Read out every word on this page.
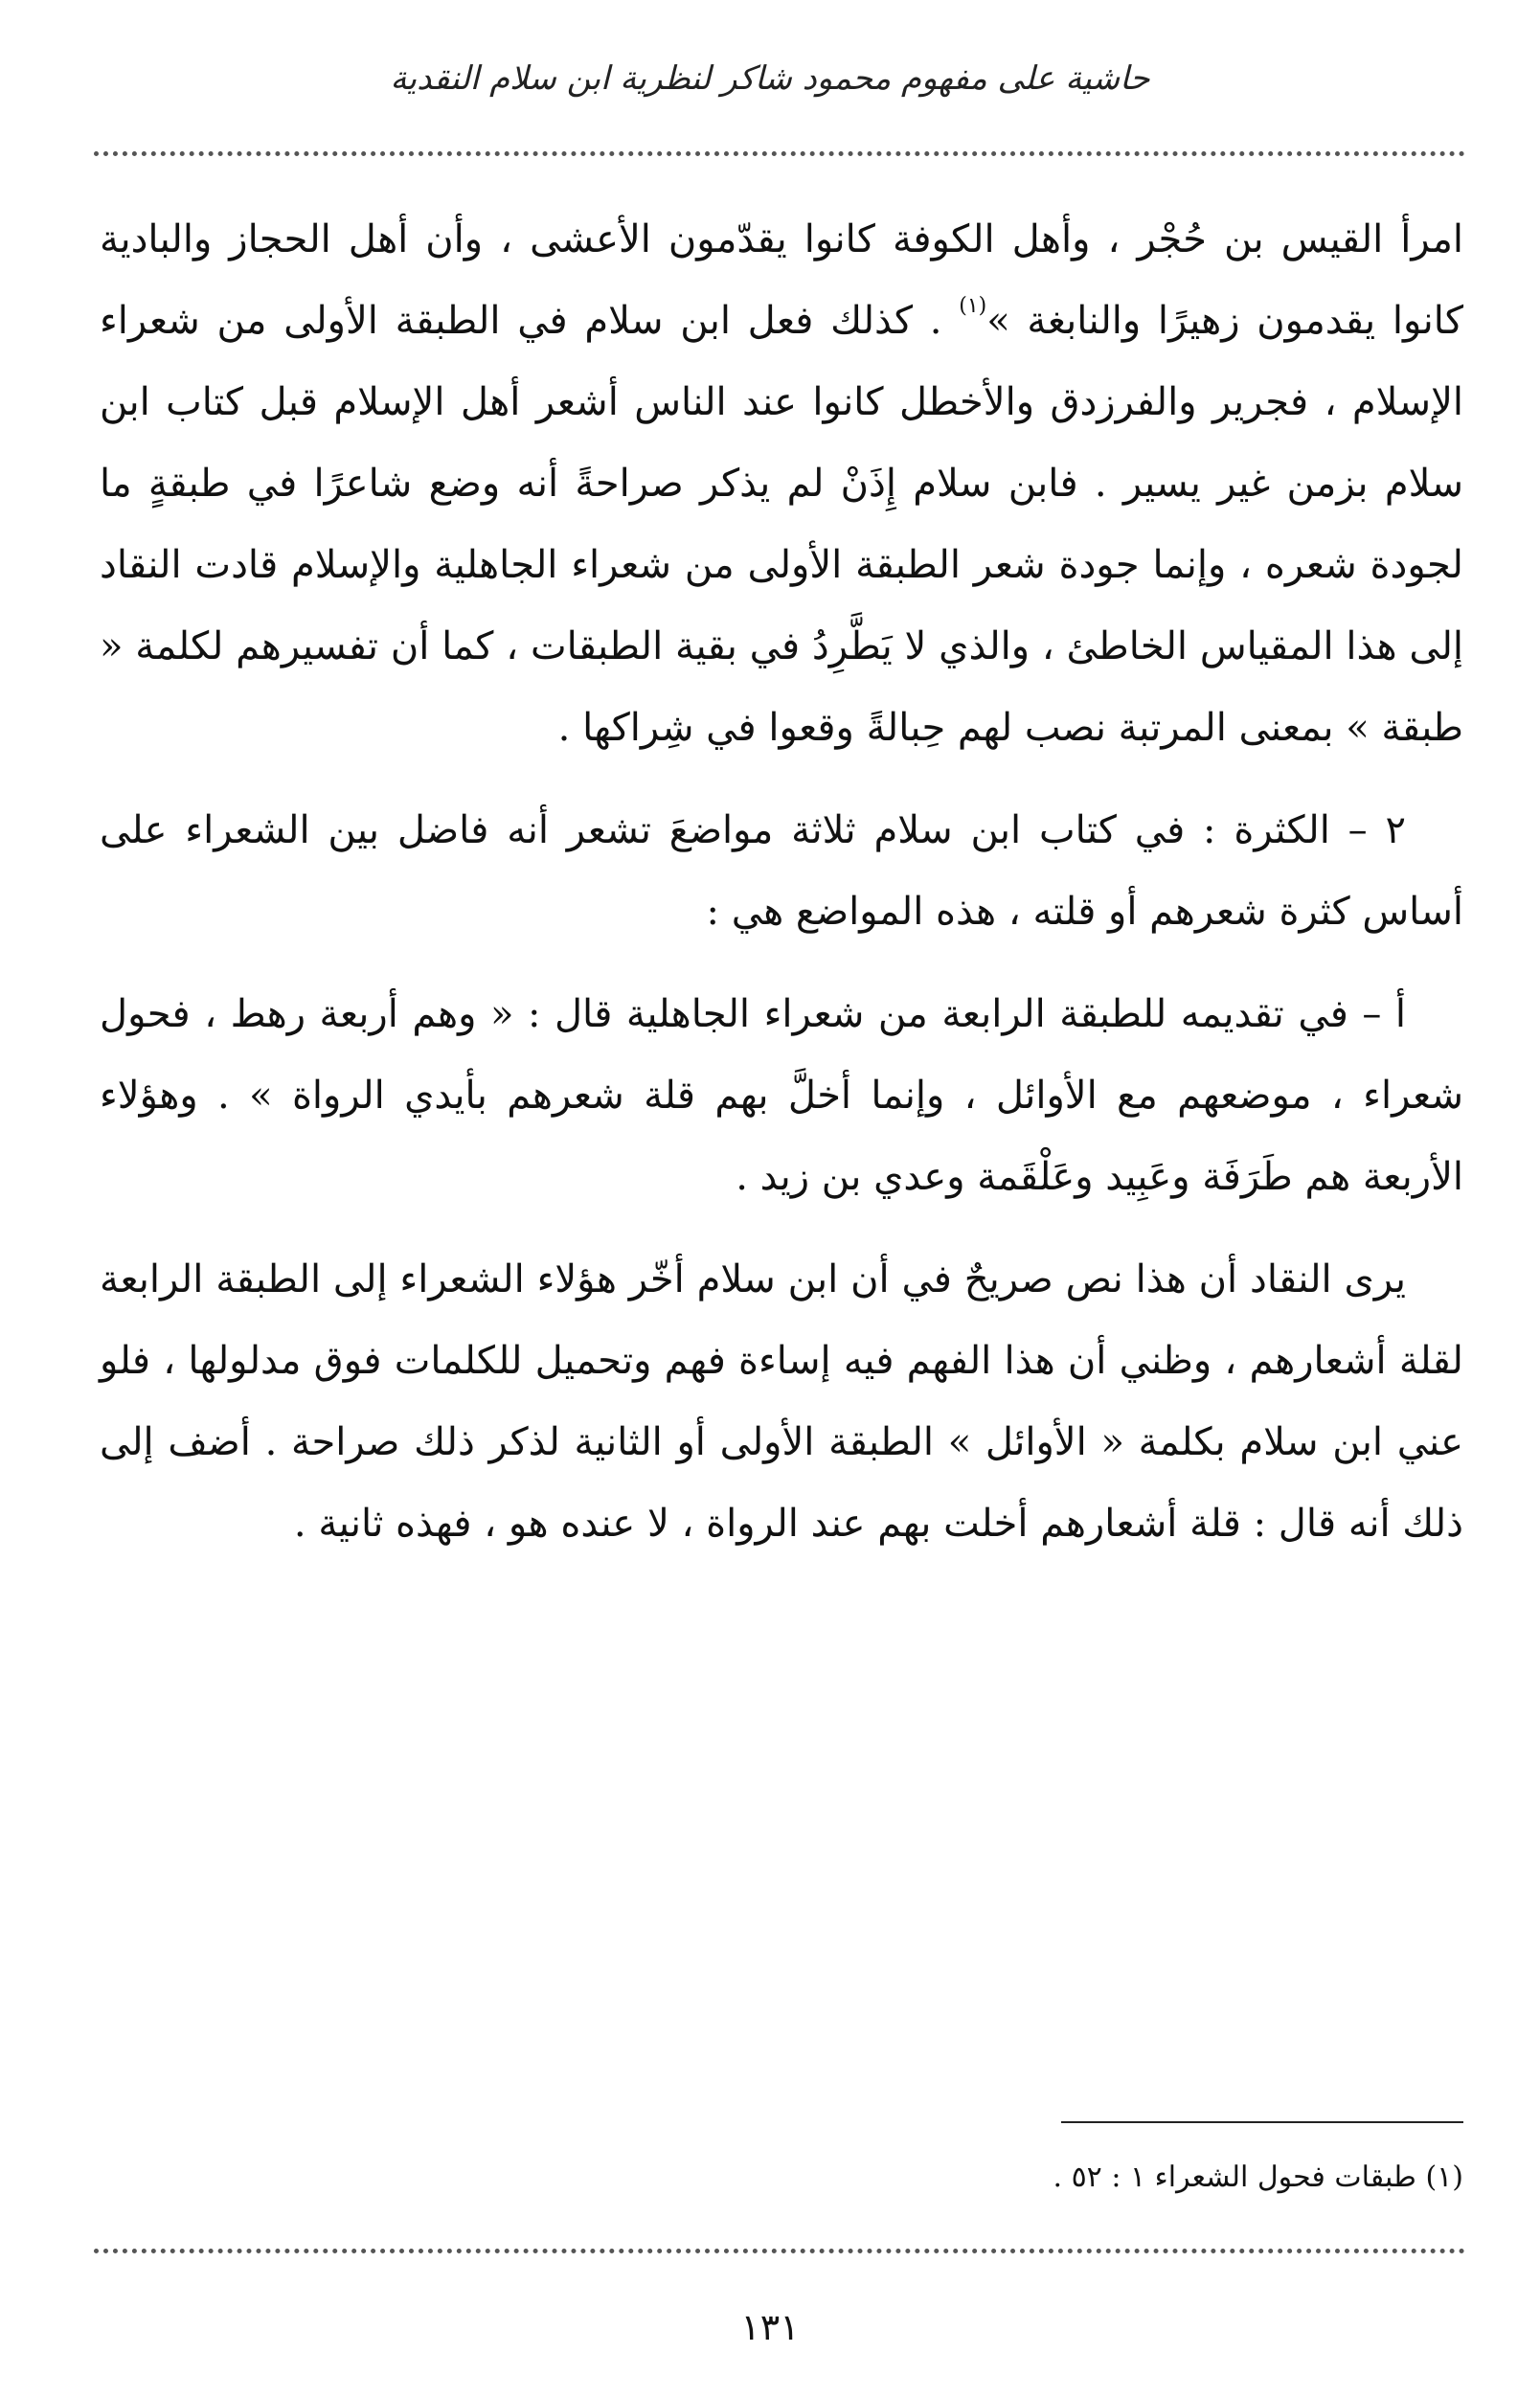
حاشية على مفهوم محمود شاكر لنظرية ابن سلام النقدية

امرأ القيس بن حُجْر ، وأهل الكوفة كانوا يقدّمون الأعشى ، وأن أهل الحجاز والبادية كانوا يقدمون زهيرًا والنابغة »$^{(١)}$ . كذلك فعل ابن سلام في الطبقة الأولى من شعراء الإسلام ، فجرير والفرزدق والأخطل كانوا عند الناس أشعر أهل الإسلام قبل كتاب ابن سلام بزمن غير يسير . فابن سلام إِذَنْ لم يذكر صراحةً أنه وضع شاعرًا في طبقةٍ ما لجودة شعره ، وإنما جودة شعر الطبقة الأولى من شعراء الجاهلية والإسلام قادت النقاد إلى هذا المقياس الخاطئ ، والذي لا يَطَّرِدُ في بقية الطبقات ، كما أن تفسيرهم لكلمة « طبقة » بمعنى المرتبة نصب لهم حِبالةً وقعوا في شِراكها .

٢ – الكثرة : في كتاب ابن سلام ثلاثة مواضعَ تشعر أنه فاضل بين الشعراء على أساس كثرة شعرهم أو قلته ، هذه المواضع هي :

أ – في تقديمه للطبقة الرابعة من شعراء الجاهلية قال : « وهم أربعة رهط ، فحول شعراء ، موضعهم مع الأوائل ، وإنما أخلَّ بهم قلة شعرهم بأيدي الرواة » . وهؤلاء الأربعة هم طَرَفَة وعَبِيد وعَلْقَمة وعدي بن زيد .

يرى النقاد أن هذا نص صريحٌ في أن ابن سلام أخّر هؤلاء الشعراء إلى الطبقة الرابعة لقلة أشعارهم ، وظني أن هذا الفهم فيه إساءة فهم وتحميل للكلمات فوق مدلولها ، فلو عني ابن سلام بكلمة « الأوائل » الطبقة الأولى أو الثانية لذكر ذلك صراحة . أضف إلى ذلك أنه قال : قلة أشعارهم أخلت بهم عند الرواة ، لا عنده هو ، فهذه ثانية .

(١) طبقات فحول الشعراء ١ : ٥٢ .
١٣١
